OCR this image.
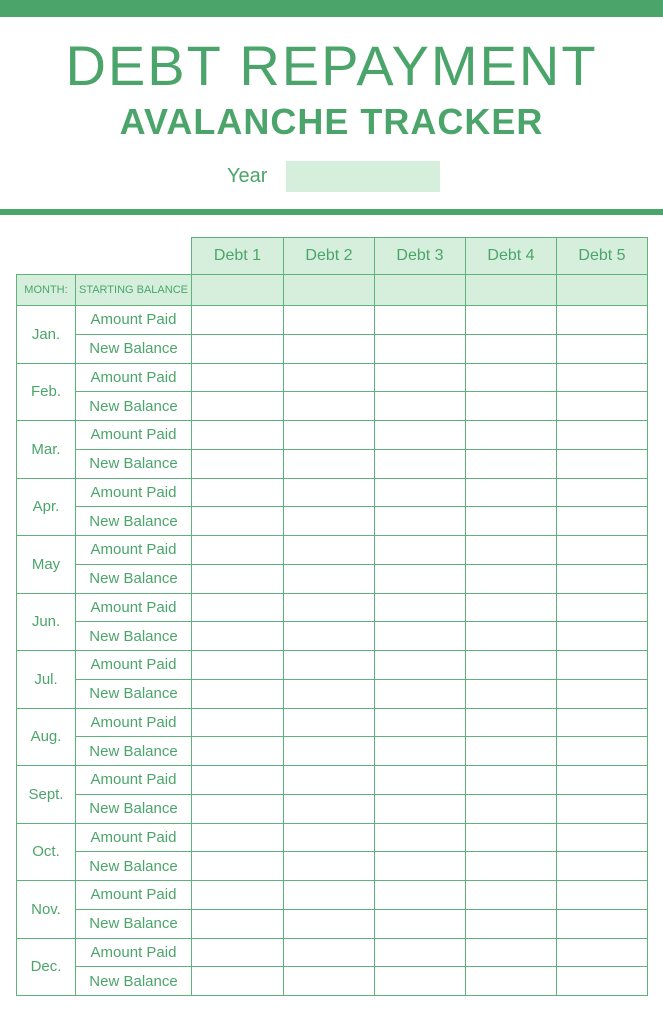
DEBT REPAYMENT
AVALANCHE TRACKER
Year
		Debt 1	Debt 2	Debt 3	Debt 4	Debt 5
MONTH:	STARTING BALANCE					
Jan.	Amount Paid					
	New Balance					
Feb.	Amount Paid					
	New Balance					
Mar.	Amount Paid					
	New Balance					
Apr.	Amount Paid					
	New Balance					
May	Amount Paid					
	New Balance					
Jun.	Amount Paid					
	New Balance					
Jul.	Amount Paid					
	New Balance					
Aug.	Amount Paid					
	New Balance					
Sept.	Amount Paid					
	New Balance					
Oct.	Amount Paid					
	New Balance					
Nov.	Amount Paid					
	New Balance					
Dec.	Amount Paid					
	New Balance					
